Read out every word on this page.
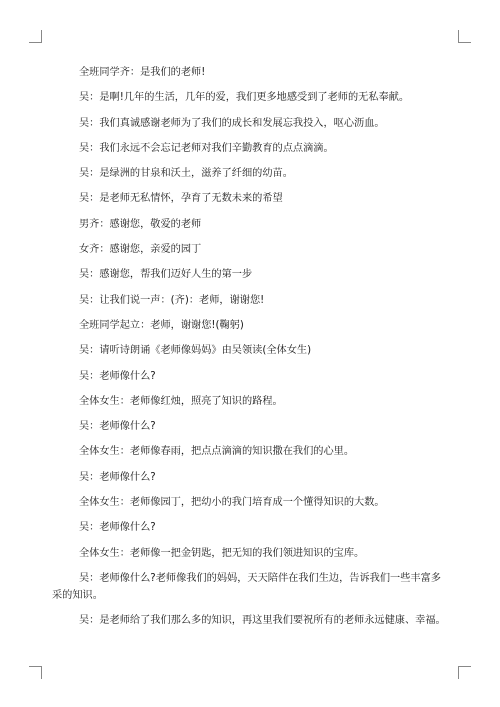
全班同学齐：是我们的老师!

吴：是啊!几年的生活，几年的爱，我们更多地感受到了老师的无私奉献。

吴：我们真诚感谢老师为了我们的成长和发展忘我投入，呕心沥血。

吴：我们永远不会忘记老师对我们辛勤教育的点点滴滴。

吴：是绿洲的甘泉和沃土，滋养了纤细的幼苗。

吴：是老师无私情怀，孕育了无数未来的希望

男齐：感谢您，敬爱的老师

女齐：感谢您，亲爱的园丁

吴：感谢您，帮我们迈好人生的第一步

吴：让我们说一声：(齐)：老师，谢谢您!

全班同学起立：老师，谢谢您!(鞠躬)

吴：请听诗朗诵《老师像妈妈》由吴领读(全体女生)

吴：老师像什么?

全体女生：老师像红烛，照亮了知识的路程。

吴：老师像什么?

全体女生：老师像春雨，把点点滴滴的知识撒在我们的心里。

吴：老师像什么?

全体女生：老师像园丁，把幼小的我门培育成一个懂得知识的大数。

吴：老师像什么?

全体女生：老师像一把金钥匙，把无知的我们领进知识的宝库。

吴：老师像什么?老师像我们的妈妈，天天陪伴在我们生边，告诉我们一些丰富多采的知识。

吴：是老师给了我们那么多的知识，再这里我们要祝所有的老师永远健康、幸福。
